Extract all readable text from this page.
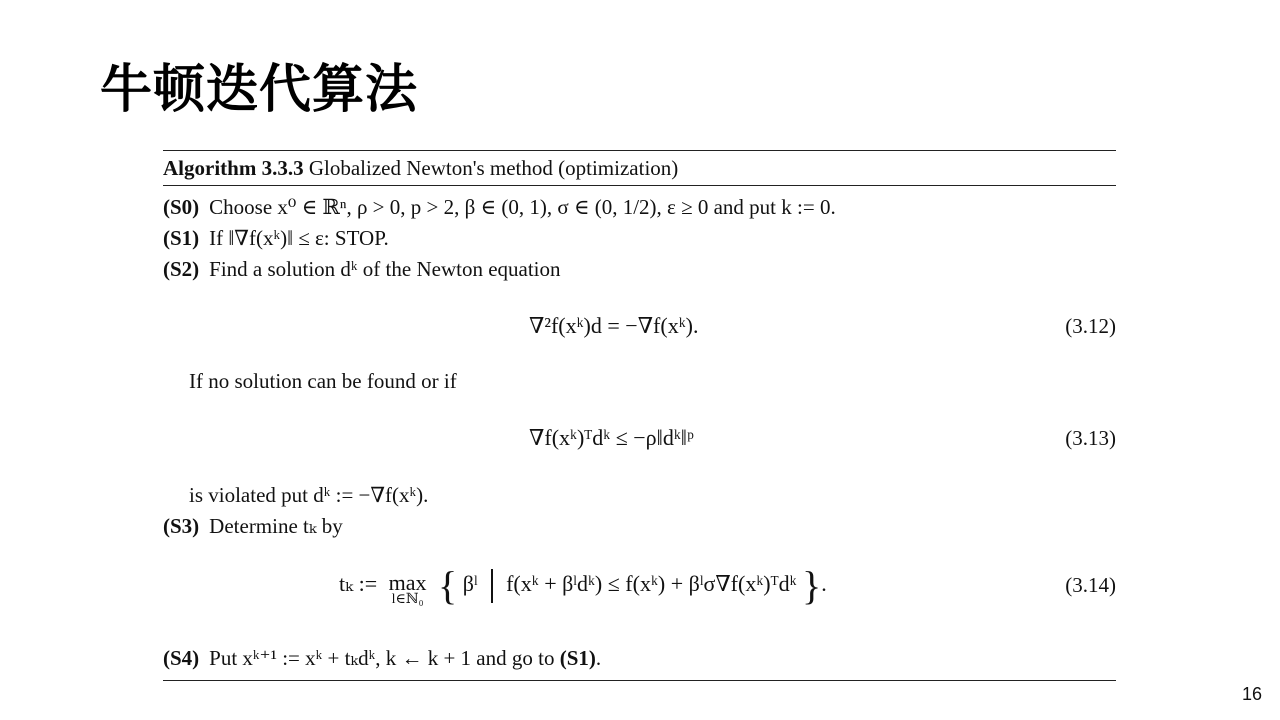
牛顿迭代算法
Algorithm 3.3.3 Globalized Newton's method (optimization)
(S0) Choose x⁰ ∈ ℝⁿ, ρ > 0, p > 2, β ∈ (0, 1), σ ∈ (0, 1/2), ε ≥ 0 and put k := 0.
(S1) If ‖∇f(xᵏ)‖ ≤ ε: STOP.
(S2) Find a solution dᵏ of the Newton equation
∇²f(xᵏ)d = −∇f(xᵏ).	(3.12)
If no solution can be found or if
∇f(xᵏ)ᵀdᵏ ≤ −ρ‖dᵏ‖ᵖ	(3.13)
is violated put dᵏ := −∇f(xᵏ).
(S3) Determine tₖ by
tₖ := max
l∈ℕ₀ { βˡ f(xᵏ + βˡdᵏ) ≤ f(xᵏ) + βˡσ∇f(xᵏ)ᵀdᵏ }.	(3.14)
(S4) Put xᵏ⁺¹ := xᵏ + tₖdᵏ, k ← k + 1 and go to (S1).
16
